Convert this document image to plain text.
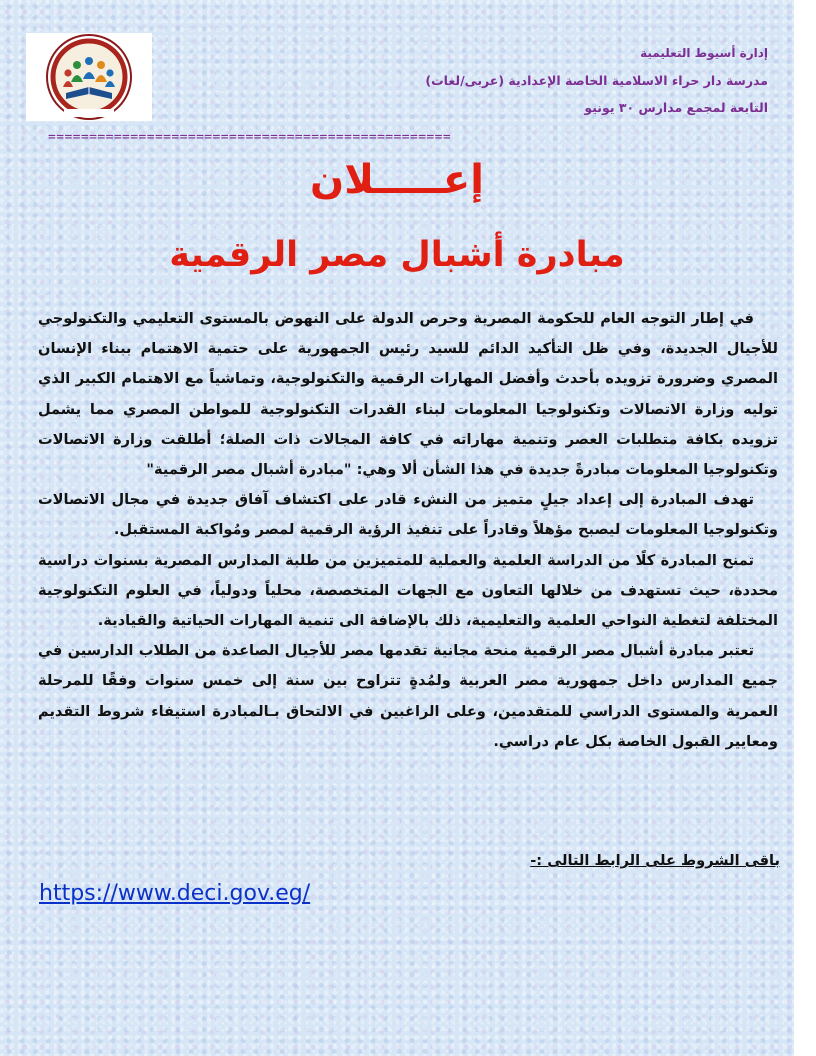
إدارة أسيوط التعليمية
مدرسة دار حراء الاسلامية الخاصة الإعدادية (عربى/لغات)
التابعة لمجمع مدارس ٣٠ يونيو
=================================================
إعـــــلان
مبادرة أشبال مصر الرقمية

في إطار التوجه العام للحكومة المصرية وحرص الدولة على النهوض بالمستوى التعليمي والتكنولوجي للأجيال الجديدة، وفي ظل التأكيد الدائم للسيد رئيس الجمهورية على حتمية الاهتمام ببناء الإنسان المصري وضرورة تزويده بأحدث وأفضل المهارات الرقمية والتكنولوجية، وتماشياً مع الاهتمام الكبير الذي توليه وزارة الاتصالات وتكنولوجيا المعلومات لبناء القدرات التكنولوجية للمواطن المصري مما يشمل تزويده بكافة متطلبات العصر وتنمية مهاراته في كافة المجالات ذات الصلة؛ أطلقت وزارة الاتصالات وتكنولوجيا المعلومات مبادرةً جديدة في هذا الشأن ألا وهي: "مبادرة أشبال مصر الرقمية"

تهدف المبادرة إلى إعداد جيلٍ متميز من النشء قادر على اكتشاف آفاق جديدة في مجال الاتصالات وتكنولوجيا المعلومات ليصبح مؤهلاً وقادراً على تنفيذ الرؤية الرقمية لمصر ومُواكبة المستقبل.

تمنح المبادرة كلًا من الدراسة العلمية والعملية للمتميزين من طلبة المدارس المصرية بسنوات دراسية محددة، حيث تستهدف من خلالها التعاون مع الجهات المتخصصة، محلياً ودولياً، في العلوم التكنولوجية المختلفة لتغطية النواحي العلمية والتعليمية، ذلك بالإضافة الى تنمية المهارات الحياتية والقيادية.

تعتبر مبادرة أشبال مصر الرقمية منحة مجانية تقدمها مصر للأجيال الصاعدة من الطلاب الدارسين في جميع المدارس داخل جمهورية مصر العربية ولمُدةٍ تتراوح بين سنة إلى خمس سنوات وفقًا للمرحلة العمرية والمستوى الدراسي للمتقدمين، وعلى الراغبين في الالتحاق بـالمبادرة استيفاء شروط التقديم ومعايير القبول الخاصة بكل عام دراسي.

باقى الشروط على الرابط التالى :-
https://www.deci.gov.eg/
